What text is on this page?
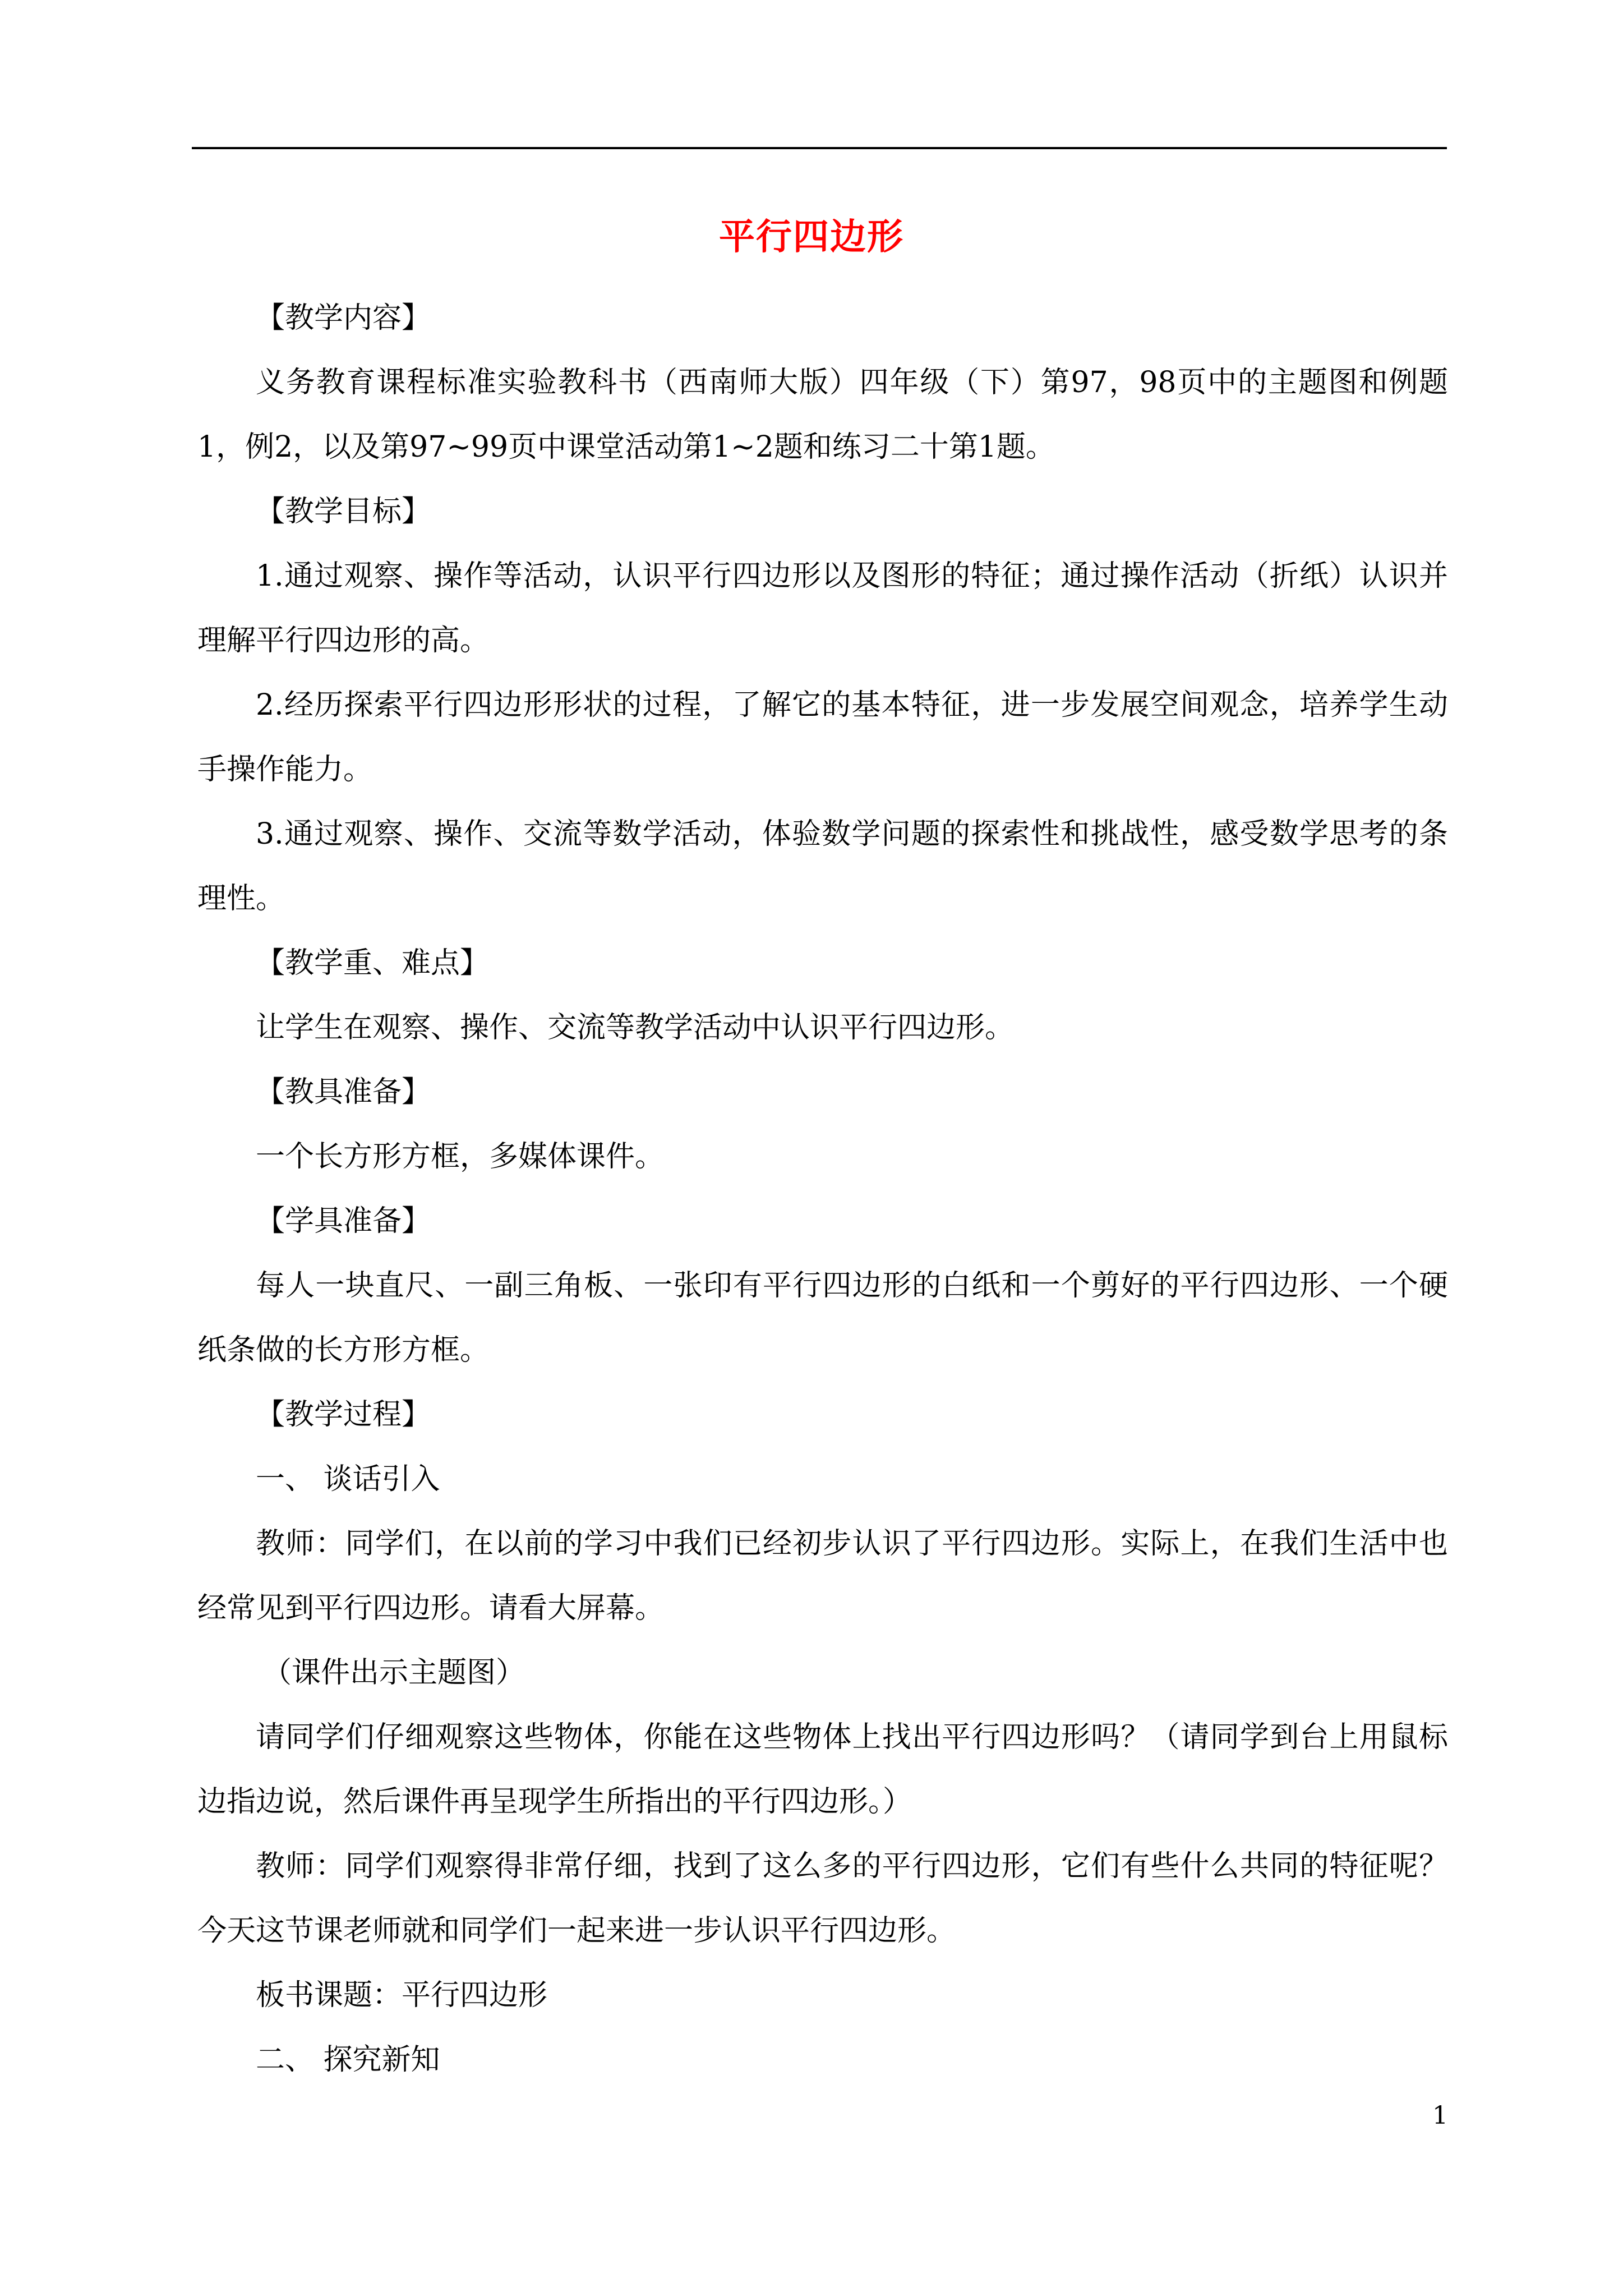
平行四边形

【教学内容】

义务教育课程标准实验教科书（西南师大版）四年级（下）第97，98页中的主题图和例题1，例2，以及第97~99页中课堂活动第1~2题和练习二十第1题。

【教学目标】

1.通过观察、操作等活动，认识平行四边形以及图形的特征；通过操作活动（折纸）认识并理解平行四边形的高。

2.经历探索平行四边形形状的过程，了解它的基本特征，进一步发展空间观念，培养学生动手操作能力。

3.通过观察、操作、交流等数学活动，体验数学问题的探索性和挑战性，感受数学思考的条理性。

【教学重、难点】

让学生在观察、操作、交流等教学活动中认识平行四边形。

【教具准备】

一个长方形方框，多媒体课件。

【学具准备】

每人一块直尺、一副三角板、一张印有平行四边形的白纸和一个剪好的平行四边形、一个硬纸条做的长方形方框。

【教学过程】

一、 谈话引入

教师：同学们，在以前的学习中我们已经初步认识了平行四边形。实际上，在我们生活中也经常见到平行四边形。请看大屏幕。

（课件出示主题图）

请同学们仔细观察这些物体，你能在这些物体上找出平行四边形吗？（请同学到台上用鼠标边指边说，然后课件再呈现学生所指出的平行四边形。）

教师：同学们观察得非常仔细，找到了这么多的平行四边形，它们有些什么共同的特征呢？今天这节课老师就和同学们一起来进一步认识平行四边形。

板书课题：平行四边形

二、 探究新知

1
